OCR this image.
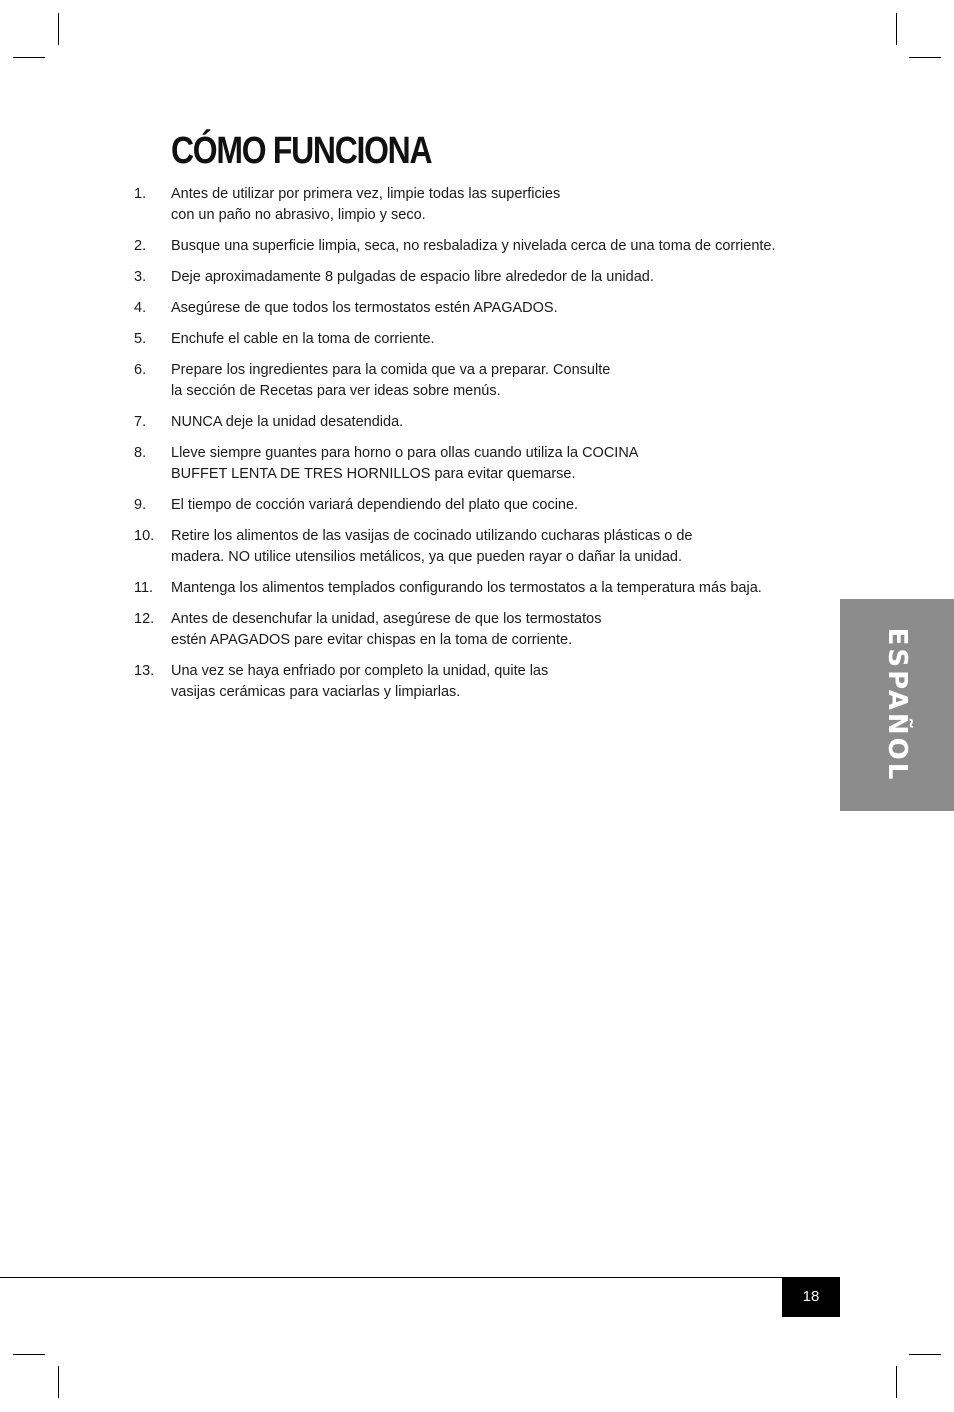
CÓMO FUNCIONA
1. Antes de utilizar por primera vez, limpie todas las superficies
con un paño no abrasivo, limpio y seco.
2. Busque una superficie limpia, seca, no resbaladiza y nivelada cerca de una toma de corriente.
3. Deje aproximadamente 8 pulgadas de espacio libre alrededor de la unidad.
4. Asegúrese de que todos los termostatos estén APAGADOS.
5. Enchufe el cable en la toma de corriente.
6. Prepare los ingredientes para la comida que va a preparar. Consulte
la sección de Recetas para ver ideas sobre menús.
7. NUNCA deje la unidad desatendida.
8. Lleve siempre guantes para horno o para ollas cuando utiliza la COCINA
BUFFET LENTA DE TRES HORNILLOS para evitar quemarse.
9. El tiempo de cocción variará dependiendo del plato que cocine.
10. Retire los alimentos de las vasijas de cocinado utilizando cucharas plásticas o de
madera. NO utilice utensilios metálicos, ya que pueden rayar o dañar la unidad.
11. Mantenga los alimentos templados configurando los termostatos a la temperatura más baja.
12. Antes de desenchufar la unidad, asegúrese de que los termostatos
estén APAGADOS pare evitar chispas en la toma de corriente.
13. Una vez se haya enfriado por completo la unidad, quite las
vasijas cerámicas para vaciarlas y limpiarlas.	ESPAÑOL
18
